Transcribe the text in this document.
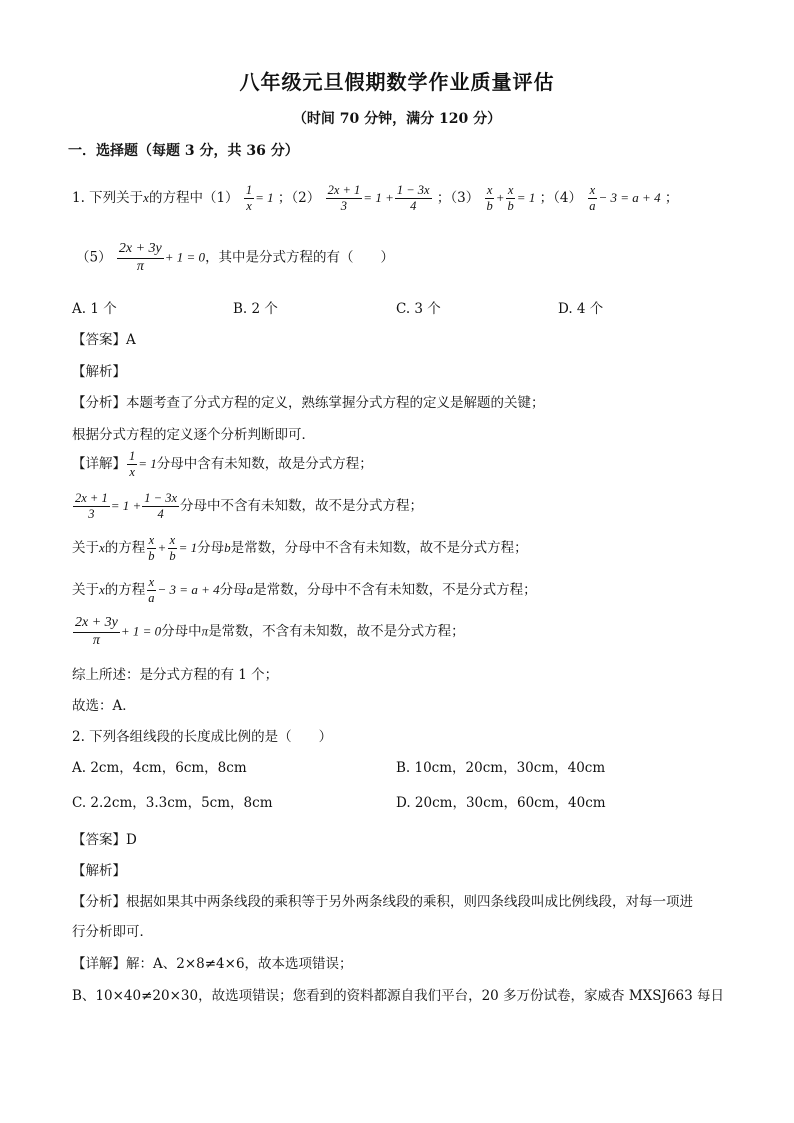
八年级元旦假期数学作业质量评估
（时间 70 分钟，满分 120 分）
一．选择题（每题 3 分，共 36 分）
1. 下列关于x的方程中$(1) \frac{1}{x} = 1$ ；$(2) \frac{2x + 1}{3} = 1 + \frac{1 - 3x}{4}$ ；$(3) \frac{x}{b} + \frac{x}{b} = 1$ ；$(4) \frac{x}{a} - 3 = a + 4$ ；
$(5) \frac{2x + 3y}{\pi} + 1 = 0$，其中是分式方程的有（　　）
A. 1 个	B. 2 个	C. 3 个	D. 4 个
【答案】A
【解析】
【分析】本题考查了分式方程的定义，熟练掌握分式方程的定义是解题的关键；
根据分式方程的定义逐个分析判断即可．
【详解】 $\frac{1}{x} = 1$分母中含有未知数，故是分式方程；
$\frac{2x + 1}{3} = 1 + \frac{1 - 3x}{4}$ 分母中不含有未知数，故不是分式方程；
关于x的方程 $\frac{x}{b} + \frac{x}{b} = 1$分母b是常数，分母中不含有未知数，故不是分式方程；
关于x的方程 $\frac{x}{a} - 3 = a + 4$分母a是常数，分母中不含有未知数，不是分式方程；
$\frac{2x + 3y}{\pi} + 1 = 0$分母中π是常数，不含有未知数，故不是分式方程；
综上所述：是分式方程的有 1 个；
故选：A．
2. 下列各组线段的长度成比例的是（　　）
A. 2cm，4cm，6cm，8cm	B. 10cm，20cm，30cm，40cm
C. 2.2cm，3.3cm，5cm，8cm	D. 20cm，30cm，60cm，40cm
【答案】D
【解析】
【分析】根据如果其中两条线段的乘积等于另外两条线段的乘积，则四条线段叫成比例线段，对每一项进
行分析即可．
【详解】解：A、2×8≠4×6，故本选项错误；
B、10×40≠20×30，故选项错误；您看到的资料都源自我们平台，20 多万份试卷，家威杏 MXSJ663 每日
